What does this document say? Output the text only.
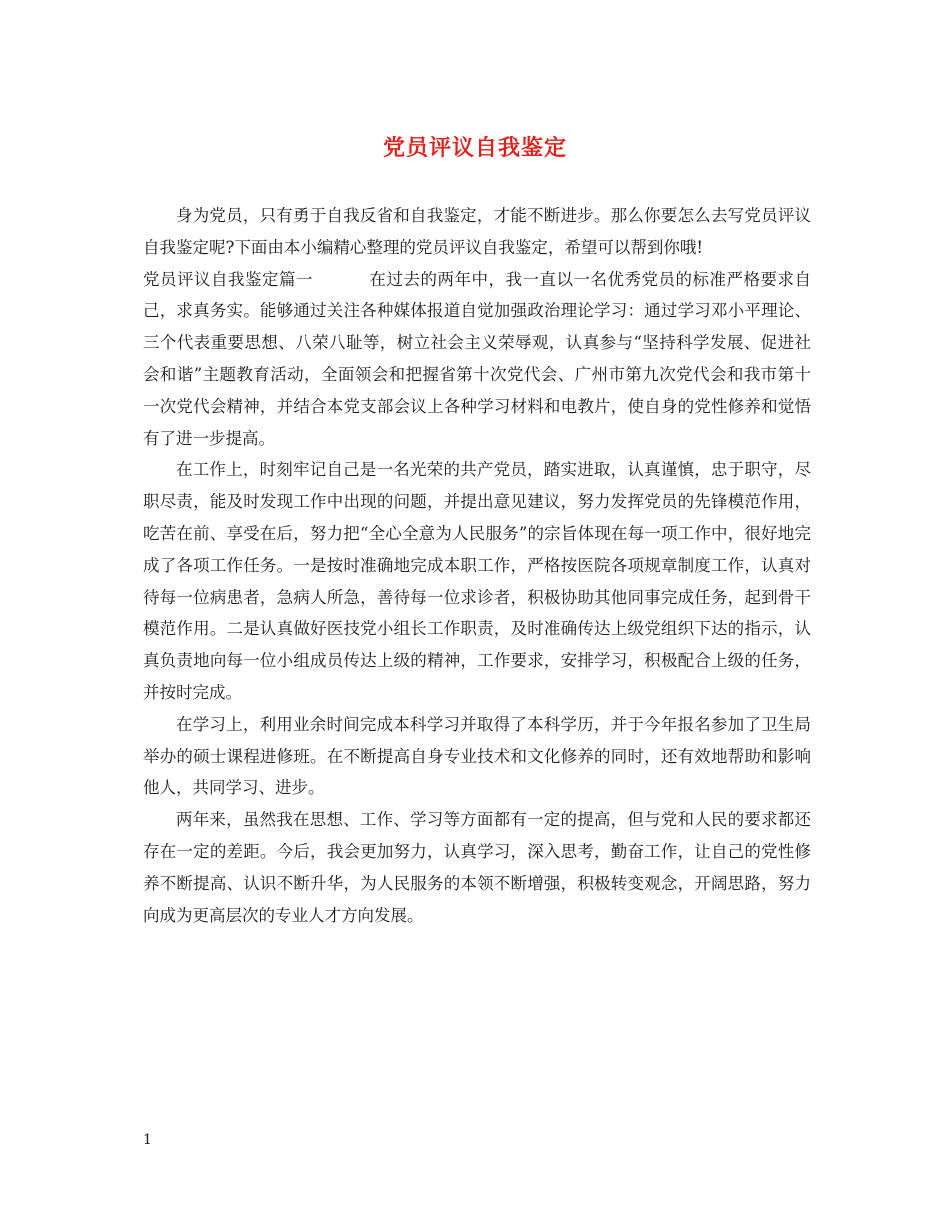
党员评议自我鉴定

身为党员，只有勇于自我反省和自我鉴定，才能不断进步。那么你要怎么去写党员评议自我鉴定呢?下面由本小编精心整理的党员评议自我鉴定，希望可以帮到你哦!

党员评议自我鉴定篇一	在过去的两年中，我一直以一名优秀党员的标准严格要求自己，求真务实。能够通过关注各种媒体报道自觉加强政治理论学习：通过学习邓小平理论、三个代表重要思想、八荣八耻等，树立社会主义荣辱观，认真参与“坚持科学发展、促进社会和谐”主题教育活动，全面领会和把握省第十次党代会、广州市第九次党代会和我市第十一次党代会精神，并结合本党支部会议上各种学习材料和电教片，使自身的党性修养和觉悟有了进一步提高。

在工作上，时刻牢记自己是一名光荣的共产党员，踏实进取，认真谨慎，忠于职守，尽职尽责，能及时发现工作中出现的问题，并提出意见建议，努力发挥党员的先锋模范作用，吃苦在前、享受在后，努力把“全心全意为人民服务”的宗旨体现在每一项工作中，很好地完成了各项工作任务。一是按时准确地完成本职工作，严格按医院各项规章制度工作，认真对待每一位病患者，急病人所急，善待每一位求诊者，积极协助其他同事完成任务，起到骨干模范作用。二是认真做好医技党小组长工作职责，及时准确传达上级党组织下达的指示，认真负责地向每一位小组成员传达上级的精神，工作要求，安排学习，积极配合上级的任务，并按时完成。

在学习上，利用业余时间完成本科学习并取得了本科学历，并于今年报名参加了卫生局举办的硕士课程进修班。在不断提高自身专业技术和文化修养的同时，还有效地帮助和影响他人，共同学习、进步。

两年来，虽然我在思想、工作、学习等方面都有一定的提高，但与党和人民的要求都还存在一定的差距。今后，我会更加努力，认真学习，深入思考，勤奋工作，让自己的党性修养不断提高、认识不断升华，为人民服务的本领不断增强，积极转变观念，开阔思路，努力向成为更高层次的专业人才方向发展。

1
